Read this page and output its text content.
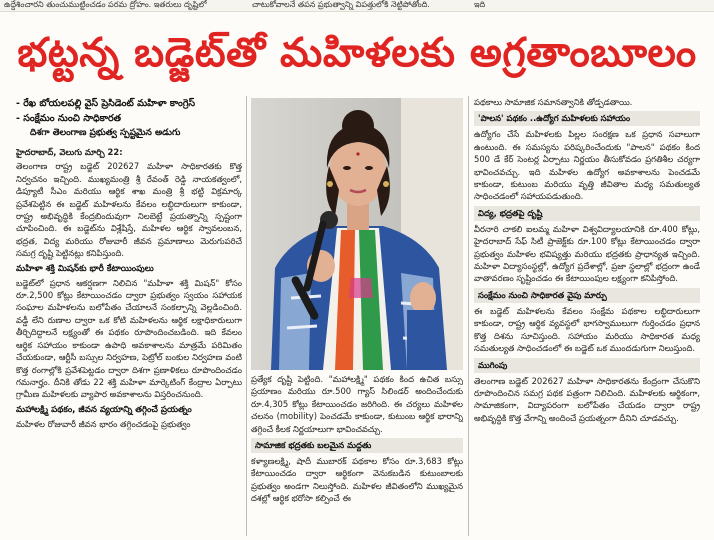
ఉద్దేశించారని తుంచుముట్టించడం పరమ ద్రోహం. ఇతరులు దృష్టిలో	చాటుకోవాలనే తపన ప్రభుత్వాన్ని విపత్తులోకి నెట్టిపోతోంది.	ఇది
భట్టన్న బడ్జెట్‌తో మహిళలకు అగ్రతాంబూలం
- రేఖ బోయలపల్లి వైస్ ప్రెసిడెంట్ మహిళా కాంగ్రెస్
- సంక్షేమం నుంచి సాధికారత
దిశగా తెలంగాణ ప్రభుత్వ స్పష్టమైన అడుగు

హైదరాబాద్, వెలుగు మార్చి 22:

తెలంగాణ రాష్ట్ర బడ్జెట్ 202627 మహిళా సాధికారతకు కొత్త నిర్వచనం ఇచ్చింది. ముఖ్యమంత్రి శ్రీ రేవంత్ రెడ్డి నాయకత్వంలో, డిప్యూటీ సీఎం మరియు ఆర్థిక శాఖ మంత్రి శ్రీ భట్టి విక్రమార్క ప్రవేశపెట్టిన ఈ బడ్జెట్ మహిళలను కేవలం లబ్ధిదారులుగా కాకుండా, రాష్ట్ర అభివృద్ధికి కేంద్రబిందువుగా నిలబెట్టే ప్రయత్నాన్ని స్పష్టంగా చూపించింది. ఈ బడ్జెట్‌ను విశ్లేషిస్తే, మహిళల ఆర్థిక స్వావలంబన, భద్రత, విద్య మరియు రోజువారీ జీవన ప్రమాణాలు మెరుగుపరిచే సమగ్ర దృష్టి పెట్టినట్లు కనిపిస్తుంది.

మహిళా శక్తి మిషన్‌కు భారీ కేటాయింపులు

బడ్జెట్‌లో ప్రధాన ఆకర్షణగా నిలిచిన "మహిళా శక్తి మిషన్" కోసం రూ.2,500 కోట్లు కేటాయించడం ద్వారా ప్రభుత్వం స్వయం సహాయక సంఘాల మహిళలను బలోపేతం చేయాలనే సంకల్పాన్ని వెల్లడించింది. వడ్డీ లేని రుణాల ద్వారా ఒక కోటి మహిళలను ఆర్థిక లక్షాధికారులుగా తీర్చిదిద్దాలనే లక్ష్యంతో ఈ పథకం రూపొందించబడింది. ఇది కేవలం ఆర్థిక సహాయం కాకుండా ఉపాధి అవకాశాలను మాత్రమే పరిమితం చేయకుండా, ఆర్టీసీ బస్సుల నిర్వహణ, పెట్రోల్ బంకుల నిర్వహణ వంటి కొత్త రంగాల్లోకి ప్రవేశపెట్టడం ద్వారా దిశగా ప్రణాళికలు రూపొందించడం గమనార్హం. దీనికి తోడు 22 శక్తి మహిళా మార్కెటింగ్ కేంద్రాల ఏర్పాటు గ్రామీణ మహిళలకు వ్యాపార అవకాశాలను విస్తరించనుంది.

మహాలక్ష్మి పథకం, జీవన వ్యయాన్ని తగ్గించే ప్రయత్నం

మహిళల రోజువారీ జీవన భారం తగ్గించడంపై ప్రభుత్వం

ప్రత్యేక దృష్టి పెట్టింది. "మహాలక్ష్మి" పథకం కింద ఉచిత బస్సు ప్రయాణం మరియు రూ.500 గ్యాస్ సిలిండర్ అందించేందుకు రూ.4,305 కోట్లు కేటాయించడం జరిగింది. ఈ చర్యలు మహిళల చలనం (mobility) పెంచడమే కాకుండా, కుటుంబ ఆర్థిక భారాన్ని తగ్గించే కీలక నిర్ణయాలుగా భావించవచ్చు.

సామాజిక భద్రతకు బలమైన మద్దతు

కళ్యాణలక్ష్మి, షాదీ ముబారక్ పథకాల కోసం రూ.3,683 కోట్లు కేటాయించడం ద్వారా ఆర్థికంగా వెనుకబడిన కుటుంబాలకు ప్రభుత్వం అండగా నిలుస్తోంది. మహిళల జీవితంలోని ముఖ్యమైన దశల్లో ఆర్థిక భరోసా కల్పించే ఈ

పథకాలు సామాజిక సమానత్వానికి తోడ్పడతాయి.

'పాలన' పథకం ..ఉద్యోగ మహిళలకు సహాయం

ఉద్యోగం చేసే మహిళలకు పిల్లల సంరక్షణ ఒక ప్రధాన సవాలుగా ఉంటుంది. ఈ సమస్యను పరిష్కరించేందుకు "పాలన" పథకం కింద 500 డే కేర్ సెంటర్ల ఏర్పాటు నిర్ణయం తీసుకోవడం ప్రగతిశీల చర్యగా భావించవచ్చు. ఇది మహిళల ఉద్యోగ అవకాశాలను పెంచడమే కాకుండా, కుటుంబ మరియు వృత్తి జీవితాల మధ్య సమతుల్యత సాధించడంలో సహాయపడుతుంది.

విద్య, భద్రతపై దృష్టి

వీరనారి చాకలి ఐలమ్మ మహిళా విశ్వవిద్యాలయానికి రూ.400 కోట్లు, హైదరాబాద్ సేఫ్ సిటీ ప్రాజెక్ట్‌కు రూ.100 కోట్లు కేటాయించడం ద్వారా ప్రభుత్వం మహిళల భవిష్యత్తు మరియు భద్రతకు ప్రాధాన్యత ఇచ్చింది. మహిళా విద్యాసంస్థల్లో, ఉద్యోగ ప్రదేశాల్లో, ప్రజా స్థలాల్లో భద్రంగా ఉండే వాతావరణం సృష్టించడం ఈ కేటాయింపుల లక్ష్యంగా కనిపిస్తోంది.

సంక్షేమం నుంచి సాధికారత వైపు మార్పు

ఈ బడ్జెట్ మహిళలను కేవలం సంక్షేమ పథకాల లబ్ధిదారులుగా కాకుండా, రాష్ట్ర ఆర్థిక వ్యవస్థలో భాగస్వాములుగా గుర్తించడం ప్రధాన కొత్త దిశను సూచిస్తుంది. సహాయం మరియు సాధికారత మధ్య సమతుల్యత సాధించడంలో ఈ బడ్జెట్ ఒక ముందడుగుగా నిలుస్తుంది.

ముగింపు

తెలంగాణ బడ్జెట్ 202627 మహిళా సాధికారతను కేంద్రంగా చేసుకొని రూపొందించిన సమగ్ర పథక పత్రంగా నిలిచింది. మహిళలకు ఆర్థికంగా, సామాజికంగా, విద్యాపరంగా బలోపేతం చేయడం ద్వారా రాష్ట్ర అభివృద్ధికి కొత్త వేగాన్ని అందించే ప్రయత్నంగా దీనిని చూడవచ్చు.
